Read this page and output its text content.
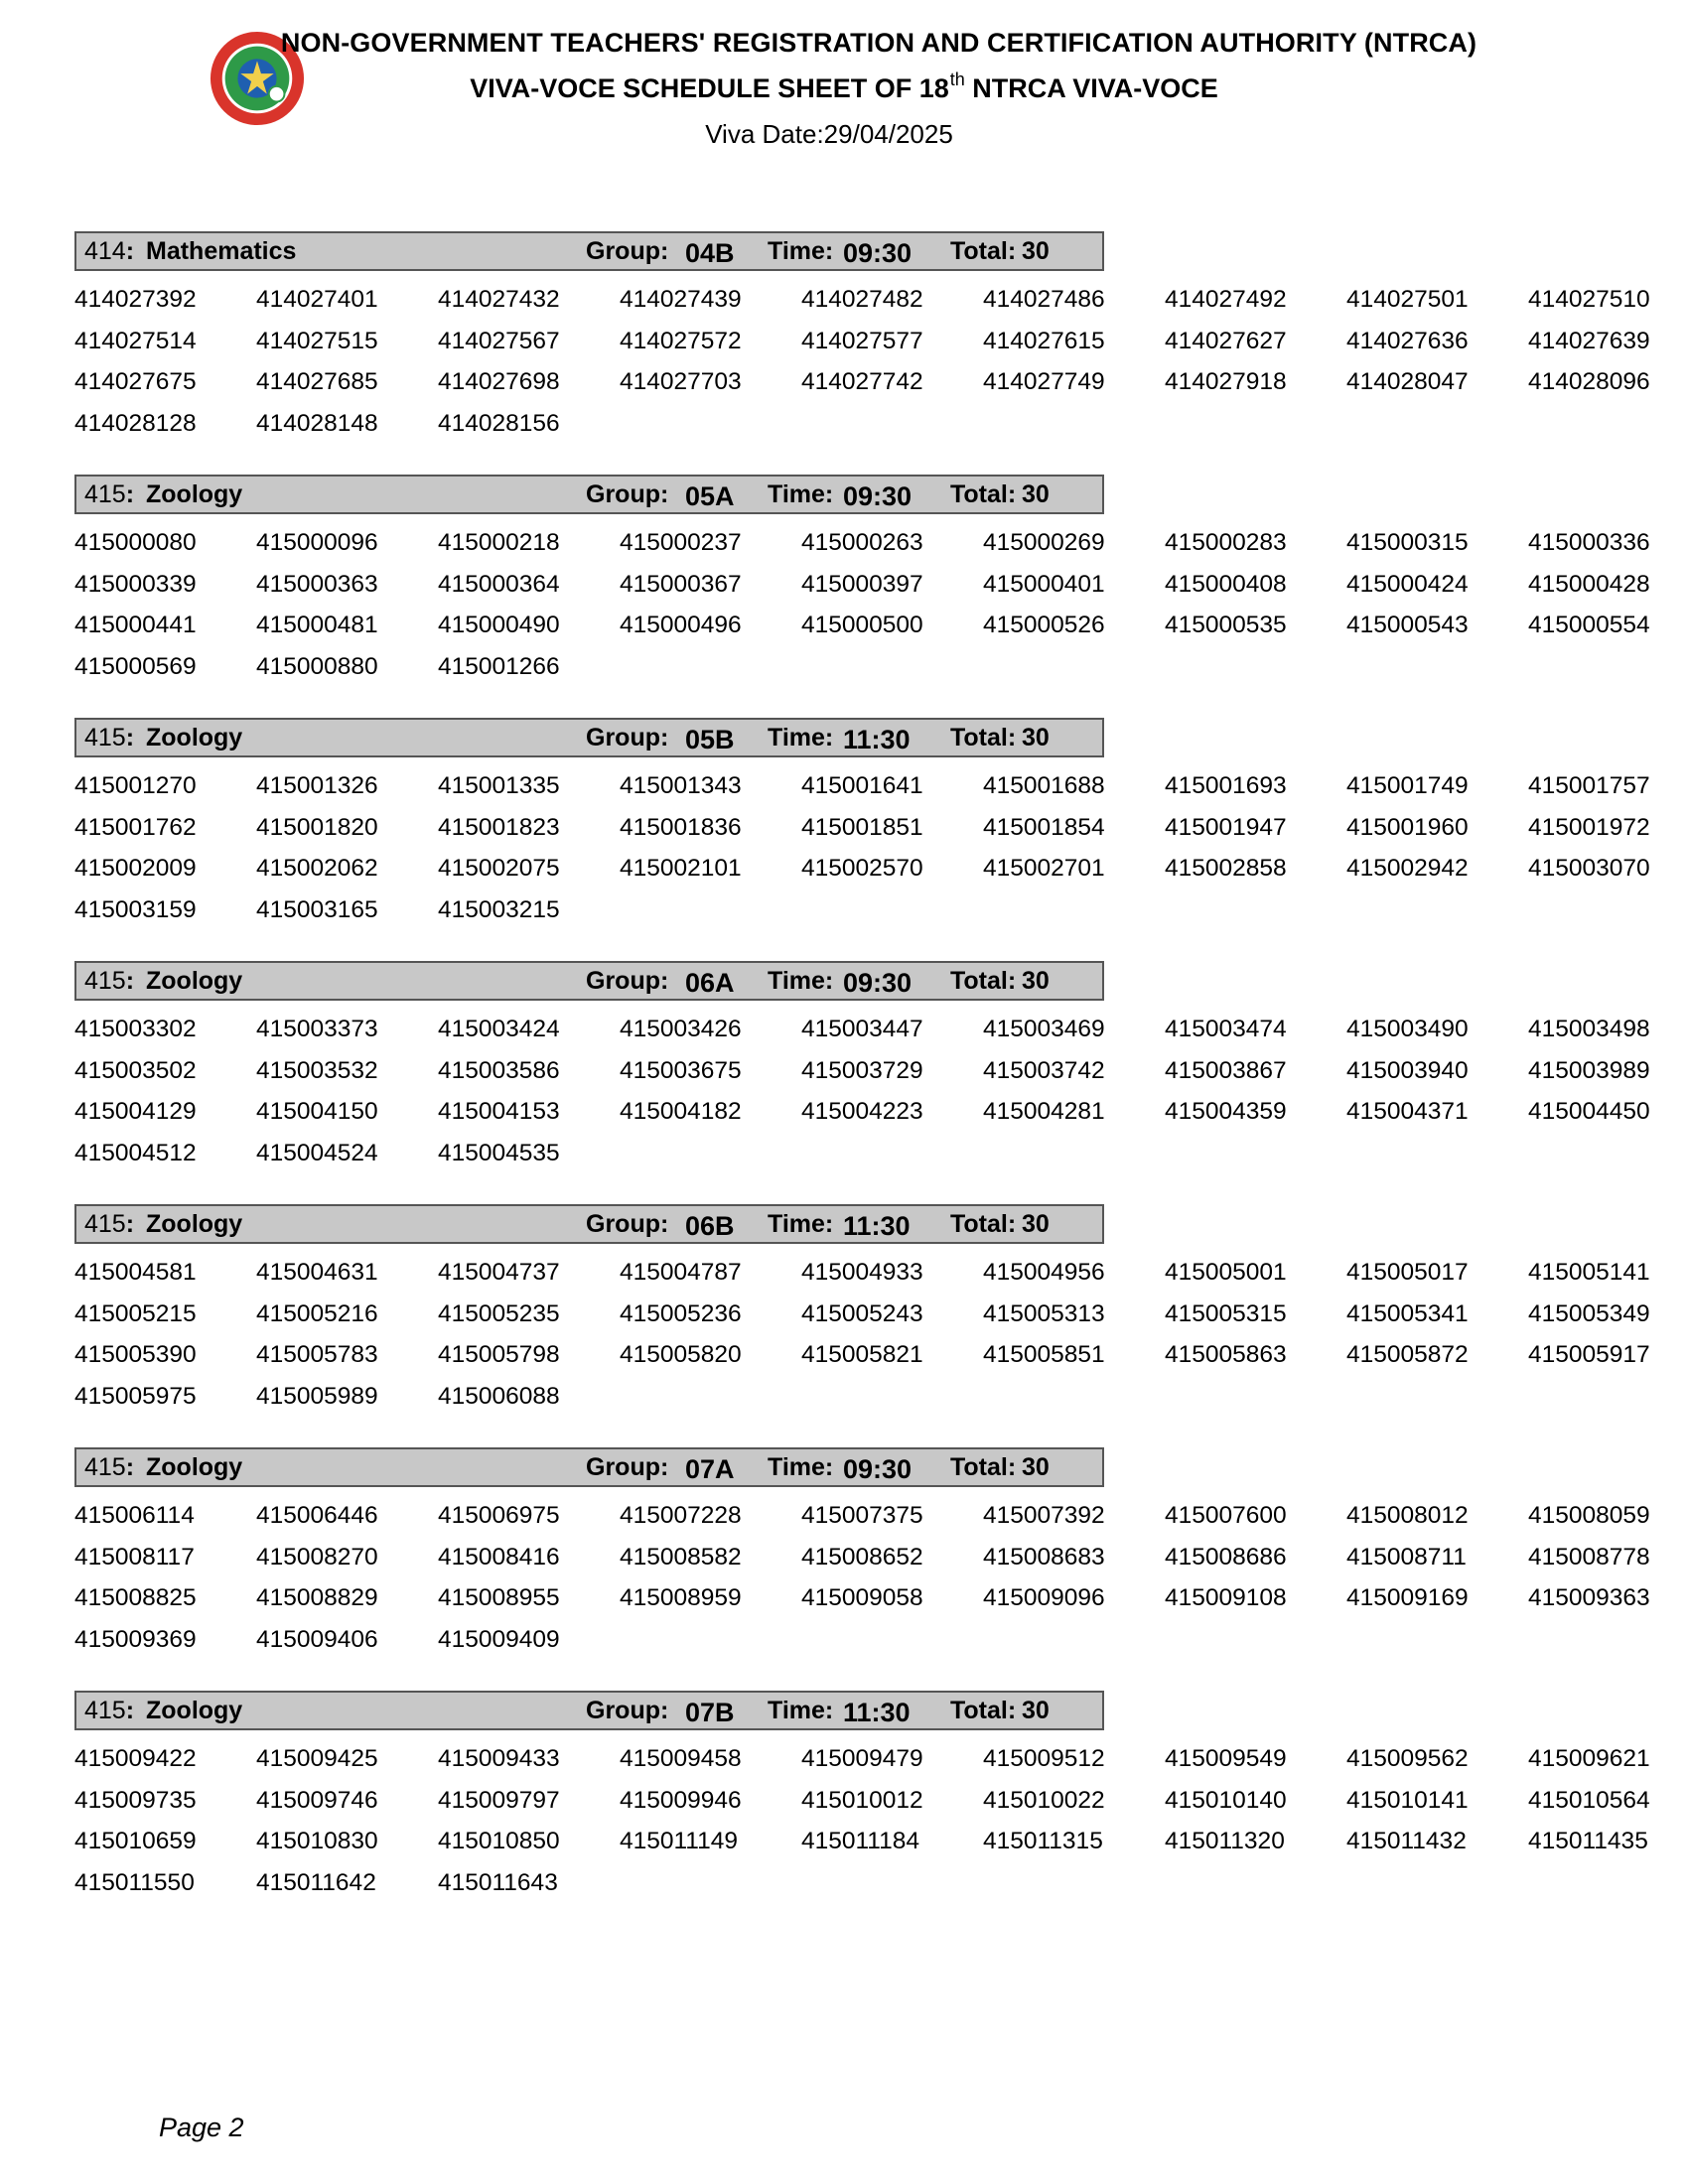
NON-GOVERNMENT TEACHERS' REGISTRATION AND CERTIFICATION AUTHORITY (NTRCA)
VIVA-VOCE SCHEDULE SHEET OF 18th NTRCA VIVA-VOCE
Viva Date:29/04/2025
414: Mathematics	Group: 04B Time: 09:30 Total: 30
414027392	414027401	414027432	414027439	414027482	414027486	414027492	414027501	414027510
414027514	414027515	414027567	414027572	414027577	414027615	414027627	414027636	414027639
414027675	414027685	414027698	414027703	414027742	414027749	414027918	414028047	414028096
414028128	414028148	414028156
415: Zoology	Group: 05A Time: 09:30 Total: 30
415000080	415000096	415000218	415000237	415000263	415000269	415000283	415000315	415000336
415000339	415000363	415000364	415000367	415000397	415000401	415000408	415000424	415000428
415000441	415000481	415000490	415000496	415000500	415000526	415000535	415000543	415000554
415000569	415000880	415001266
415: Zoology	Group: 05B Time: 11:30 Total: 30
415001270	415001326	415001335	415001343	415001641	415001688	415001693	415001749	415001757
415001762	415001820	415001823	415001836	415001851	415001854	415001947	415001960	415001972
415002009	415002062	415002075	415002101	415002570	415002701	415002858	415002942	415003070
415003159	415003165	415003215
415: Zoology	Group: 06A Time: 09:30 Total: 30
415003302	415003373	415003424	415003426	415003447	415003469	415003474	415003490	415003498
415003502	415003532	415003586	415003675	415003729	415003742	415003867	415003940	415003989
415004129	415004150	415004153	415004182	415004223	415004281	415004359	415004371	415004450
415004512	415004524	415004535
415: Zoology	Group: 06B Time: 11:30 Total: 30
415004581	415004631	415004737	415004787	415004933	415004956	415005001	415005017	415005141
415005215	415005216	415005235	415005236	415005243	415005313	415005315	415005341	415005349
415005390	415005783	415005798	415005820	415005821	415005851	415005863	415005872	415005917
415005975	415005989	415006088
415: Zoology	Group: 07A Time: 09:30 Total: 30
415006114	415006446	415006975	415007228	415007375	415007392	415007600	415008012	415008059
415008117	415008270	415008416	415008582	415008652	415008683	415008686	415008711	415008778
415008825	415008829	415008955	415008959	415009058	415009096	415009108	415009169	415009363
415009369	415009406	415009409
415: Zoology	Group: 07B Time: 11:30 Total: 30
415009422	415009425	415009433	415009458	415009479	415009512	415009549	415009562	415009621
415009735	415009746	415009797	415009946	415010012	415010022	415010140	415010141	415010564
415010659	415010830	415010850	415011149	415011184	415011315	415011320	415011432	415011435
415011550	415011642	415011643
Page 2
